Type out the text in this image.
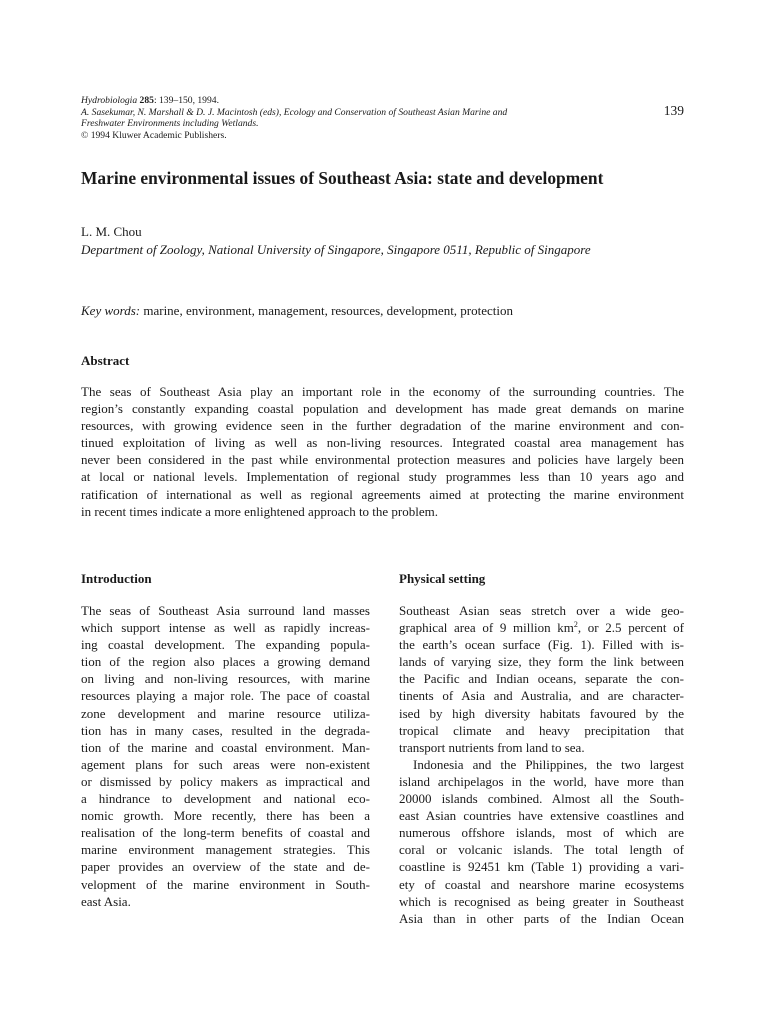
Hydrobiologia 285: 139–150, 1994.
A. Sasekumar, N. Marshall & D. J. Macintosh (eds), Ecology and Conservation of Southeast Asian Marine and
Freshwater Environments including Wetlands.
© 1994 Kluwer Academic Publishers.
139
Marine environmental issues of Southeast Asia: state and development
L. M. Chou
Department of Zoology, National University of Singapore, Singapore 0511, Republic of Singapore
Key words: marine, environment, management, resources, development, protection
Abstract
The seas of Southeast Asia play an important role in the economy of the surrounding countries. The
region’s constantly expanding coastal population and development has made great demands on marine
resources, with growing evidence seen in the further degradation of the marine environment and con-
tinued exploitation of living as well as non-living resources. Integrated coastal area management has
never been considered in the past while environmental protection measures and policies have largely been
at local or national levels. Implementation of regional study programmes less than 10 years ago and
ratification of international as well as regional agreements aimed at protecting the marine environment
in recent times indicate a more enlightened approach to the problem.
Introduction
The seas of Southeast Asia surround land masses
which support intense as well as rapidly increas-
ing coastal development. The expanding popula-
tion of the region also places a growing demand
on living and non-living resources, with marine
resources playing a major role. The pace of coastal
zone development and marine resource utiliza-
tion has in many cases, resulted in the degrada-
tion of the marine and coastal environment. Man-
agement plans for such areas were non-existent
or dismissed by policy makers as impractical and
a hindrance to development and national eco-
nomic growth. More recently, there has been a
realisation of the long-term benefits of coastal and
marine environment management strategies. This
paper provides an overview of the state and de-
velopment of the marine environment in South-
east Asia.
Physical setting
Southeast Asian seas stretch over a wide geo-
graphical area of 9 million $km^2$, or 2.5 percent of
the earth’s ocean surface (Fig. 1). Filled with is-
lands of varying size, they form the link between
the Pacific and Indian oceans, separate the con-
tinents of Asia and Australia, and are character-
ised by high diversity habitats favoured by the
tropical climate and heavy precipitation that
transport nutrients from land to sea.
Indonesia and the Philippines, the two largest
island archipelagos in the world, have more than
20000 islands combined. Almost all the South-
east Asian countries have extensive coastlines and
numerous offshore islands, most of which are
coral or volcanic islands. The total length of
coastline is 92451 km (Table 1) providing a vari-
ety of coastal and nearshore marine ecosystems
which is recognised as being greater in Southeast
Asia than in other parts of the Indian Ocean
